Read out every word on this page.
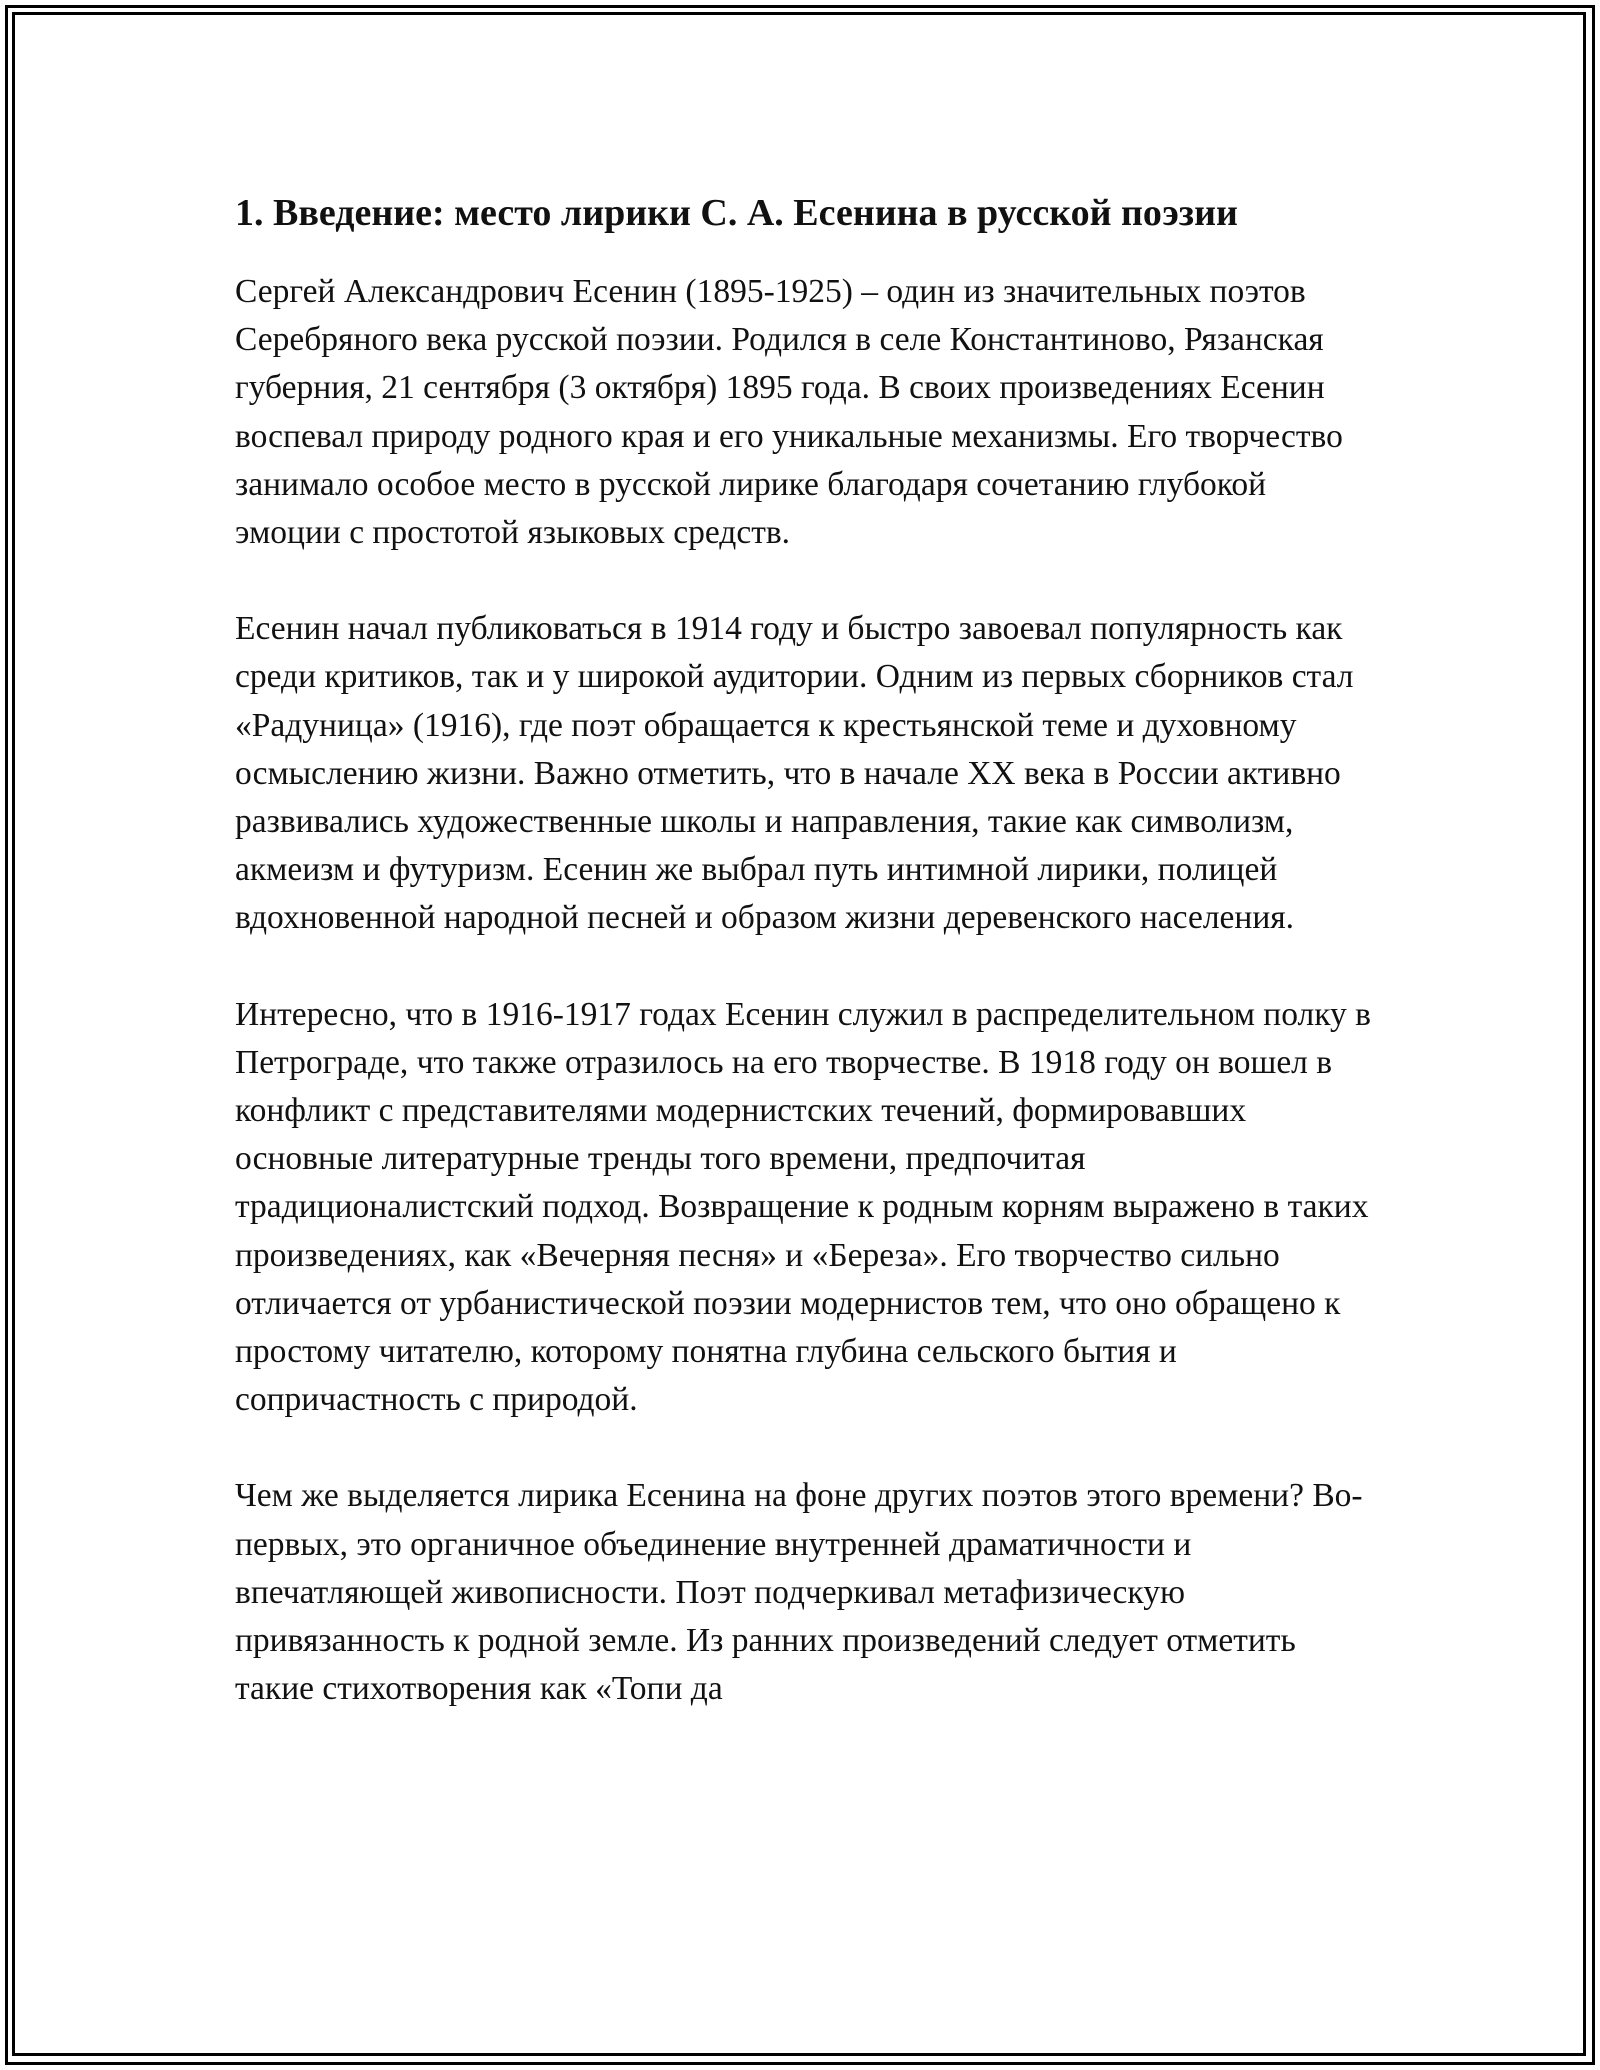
1. Введение: место лирики С. А. Есенина в русской поэзии

Сергей Александрович Есенин (1895-1925) – один из значительных поэтов Серебряного века русской поэзии. Родился в селе Константиново, Рязанская губерния, 21 сентября (3 октября) 1895 года. В своих произведениях Есенин воспевал природу родного края и его уникальные механизмы. Его творчество занимало особое место в русской лирике благодаря сочетанию глубокой эмоции с простотой языковых средств.

Есенин начал публиковаться в 1914 году и быстро завоевал популярность как среди критиков, так и у широкой аудитории. Одним из первых сборников стал «Радуница» (1916), где поэт обращается к крестьянской теме и духовному осмыслению жизни. Важно отметить, что в начале XX века в России активно развивались художественные школы и направления, такие как символизм, акмеизм и футуризм. Есенин же выбрал путь интимной лирики, полицей вдохновенной народной песней и образом жизни деревенского населения.

Интересно, что в 1916-1917 годах Есенин служил в распределительном полку в Петрограде, что также отразилось на его творчестве. В 1918 году он вошел в конфликт с представителями модернистских течений, формировавших основные литературные тренды того времени, предпочитая традиционалистский подход. Возвращение к родным корням выражено в таких произведениях, как «Вечерняя песня» и «Береза». Его творчество сильно отличается от урбанистической поэзии модернистов тем, что оно обращено к простому читателю, которому понятна глубина сельского бытия и сопричастность с природой.

Чем же выделяется лирика Есенина на фоне других поэтов этого времени? Во-первых, это органичное объединение внутренней драматичности и впечатляющей живописности. Поэт подчеркивал метафизическую привязанность к родной земле. Из ранних произведений следует отметить такие стихотворения как «Топи да
